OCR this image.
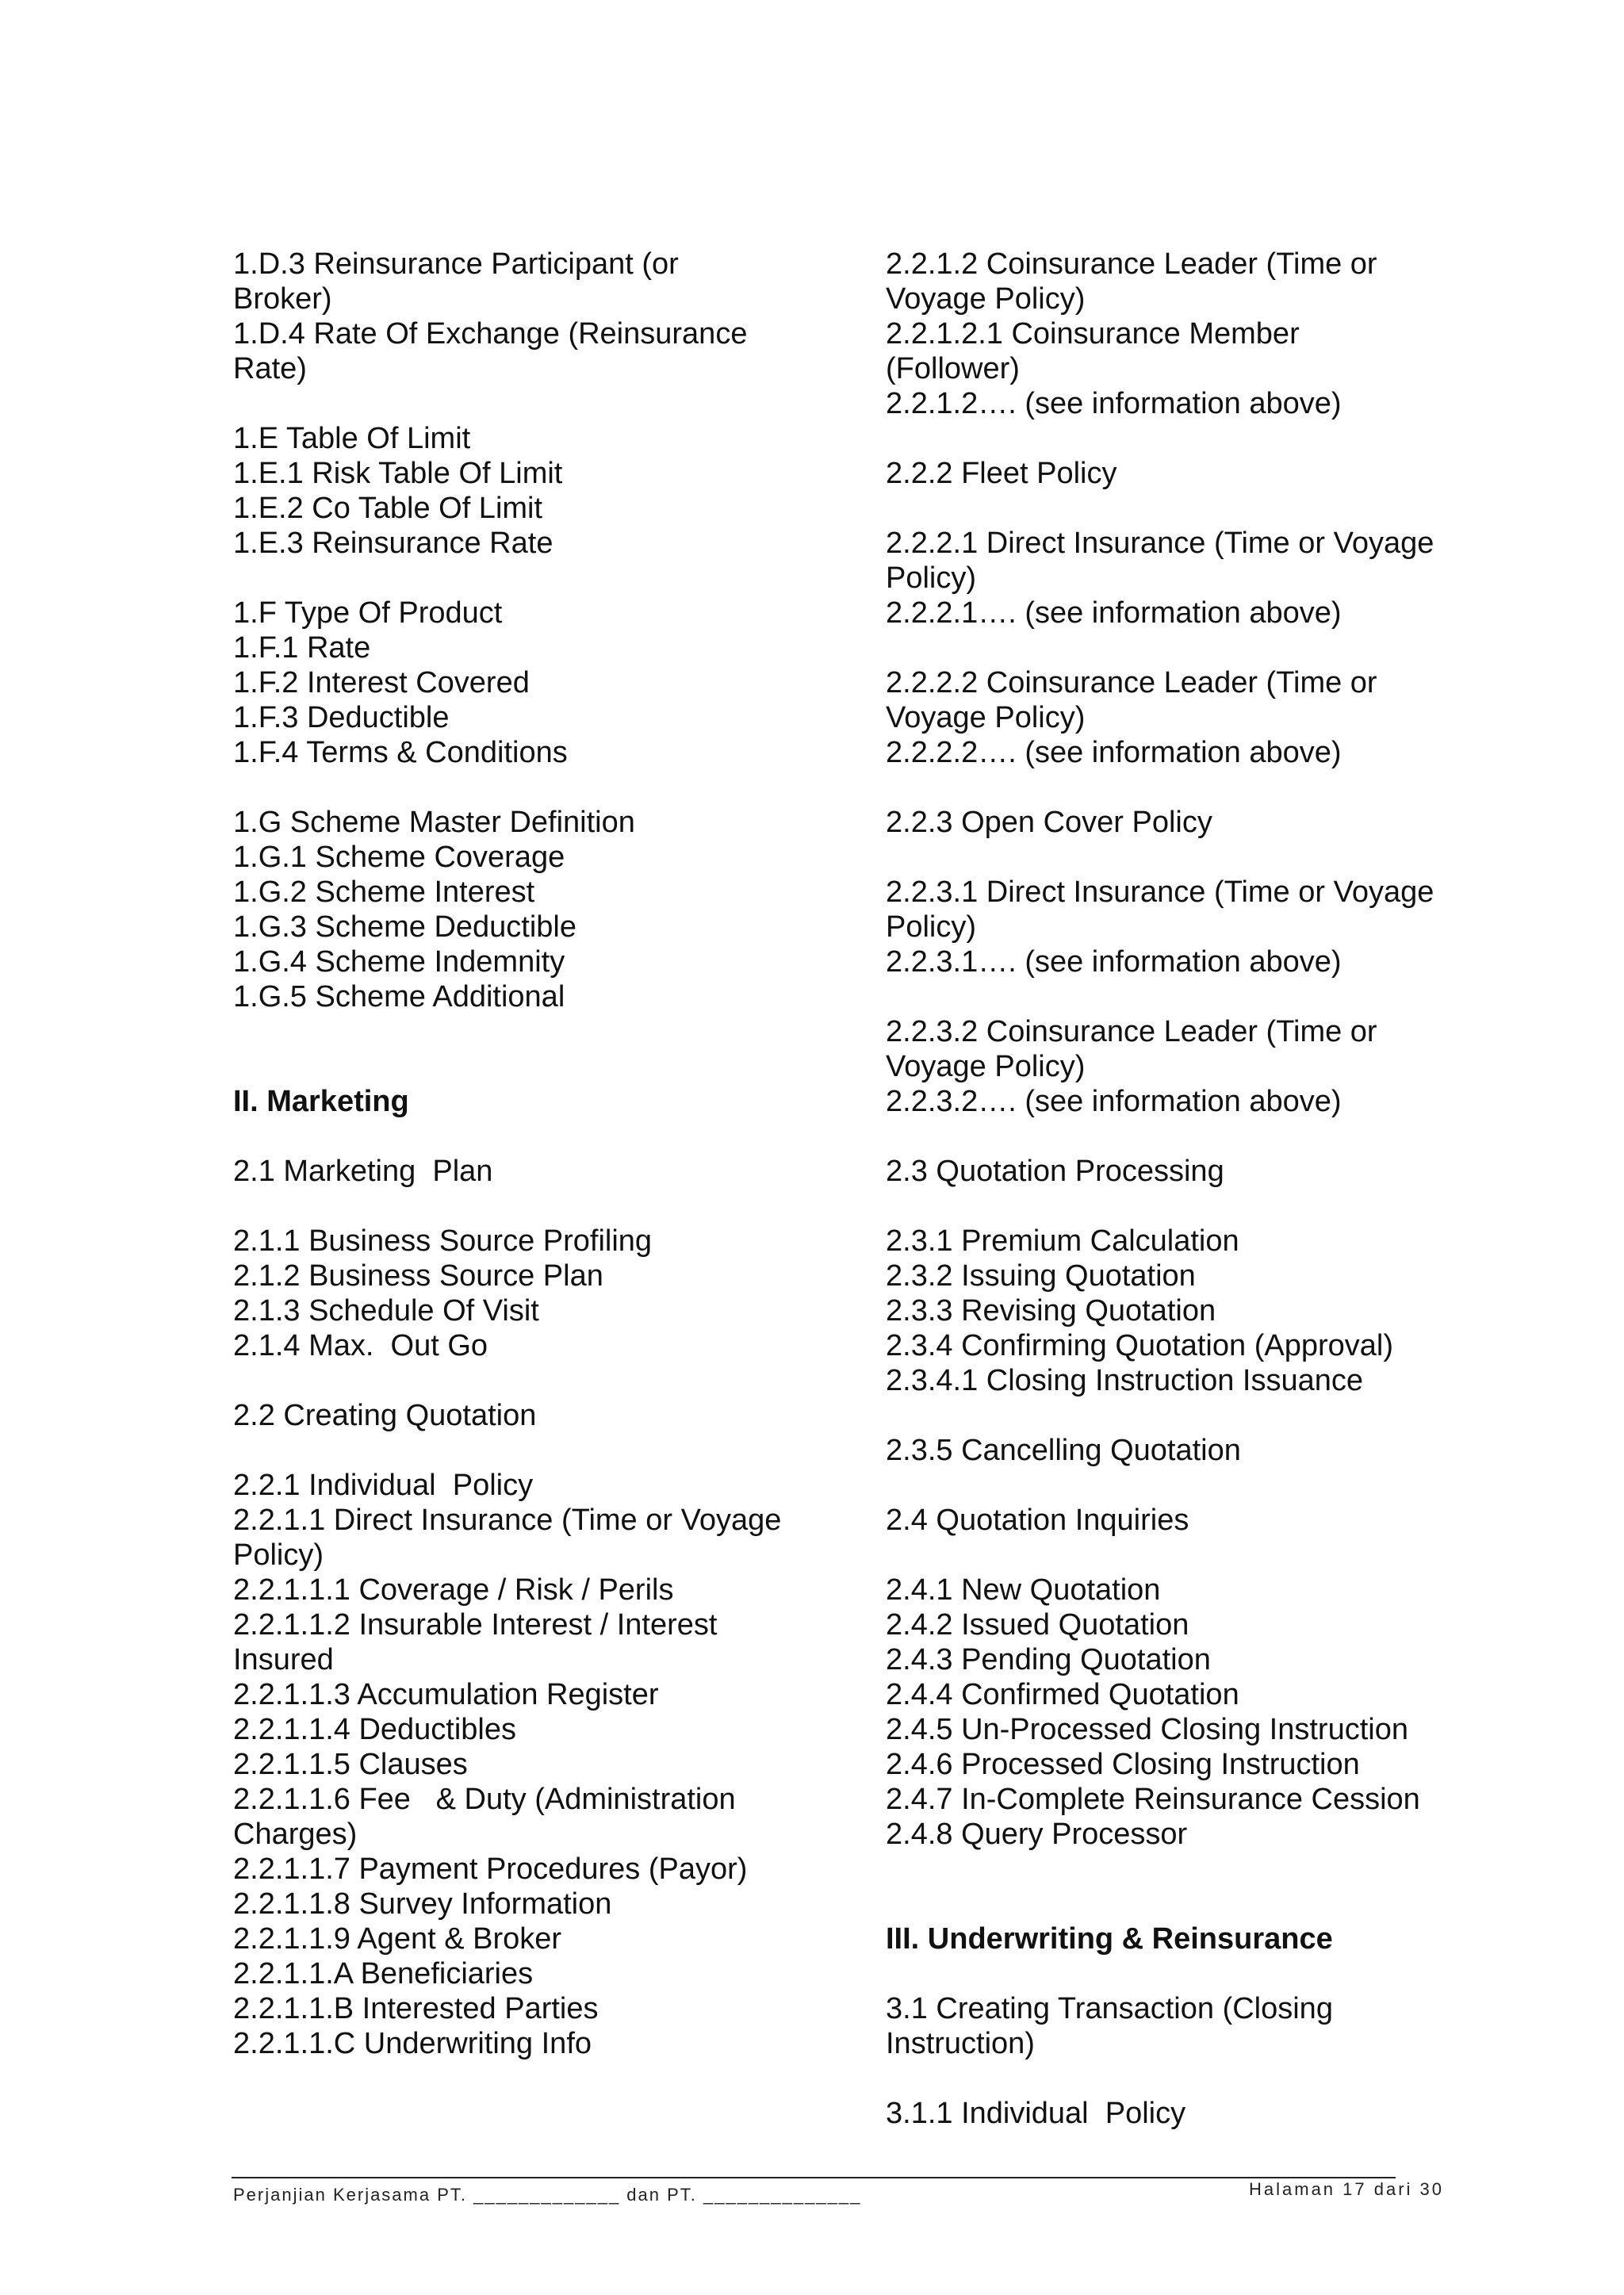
1.D.3 Reinsurance Participant (or
Broker)
1.D.4 Rate Of Exchange (Reinsurance
Rate)
1.E Table Of Limit
1.E.1 Risk Table Of Limit
1.E.2 Co Table Of Limit
1.E.3 Reinsurance Rate
1.F Type Of Product
1.F.1 Rate
1.F.2 Interest Covered
1.F.3 Deductible
1.F.4 Terms & Conditions
1.G Scheme Master Definition
1.G.1 Scheme Coverage
1.G.2 Scheme Interest
1.G.3 Scheme Deductible
1.G.4 Scheme Indemnity
1.G.5 Scheme Additional
II. Marketing
2.1 Marketing  Plan
2.1.1 Business Source Profiling
2.1.2 Business Source Plan
2.1.3 Schedule Of Visit
2.1.4 Max.  Out Go
2.2 Creating Quotation
2.2.1 Individual  Policy
2.2.1.1 Direct Insurance (Time or Voyage
Policy)
2.2.1.1.1 Coverage / Risk / Perils
2.2.1.1.2 Insurable Interest / Interest
Insured
2.2.1.1.3 Accumulation Register
2.2.1.1.4 Deductibles
2.2.1.1.5 Clauses
2.2.1.1.6 Fee   & Duty (Administration
Charges)
2.2.1.1.7 Payment Procedures (Payor)
2.2.1.1.8 Survey Information
2.2.1.1.9 Agent & Broker
2.2.1.1.A Beneficiaries
2.2.1.1.B Interested Parties
2.2.1.1.C Underwriting Info
2.2.1.2 Coinsurance Leader (Time or
Voyage Policy)
2.2.1.2.1 Coinsurance Member
(Follower)
2.2.1.2…. (see information above)
2.2.2 Fleet Policy
2.2.2.1 Direct Insurance (Time or Voyage
Policy)
2.2.2.1…. (see information above)
2.2.2.2 Coinsurance Leader (Time or
Voyage Policy)
2.2.2.2…. (see information above)
2.2.3 Open Cover Policy
2.2.3.1 Direct Insurance (Time or Voyage
Policy)
2.2.3.1…. (see information above)
2.2.3.2 Coinsurance Leader (Time or
Voyage Policy)
2.2.3.2…. (see information above)
2.3 Quotation Processing
2.3.1 Premium Calculation
2.3.2 Issuing Quotation
2.3.3 Revising Quotation
2.3.4 Confirming Quotation (Approval)
2.3.4.1 Closing Instruction Issuance
2.3.5 Cancelling Quotation
2.4 Quotation Inquiries
2.4.1 New Quotation
2.4.2 Issued Quotation
2.4.3 Pending Quotation
2.4.4 Confirmed Quotation
2.4.5 Un-Processed Closing Instruction
2.4.6 Processed Closing Instruction
2.4.7 In-Complete Reinsurance Cession
2.4.8 Query Processor
III. Underwriting & Reinsurance
3.1 Creating Transaction (Closing
Instruction)
3.1.1 Individual  Policy
Perjanjian Kerjasama PT. _____________ dan PT. ______________	Halaman 17 dari 30
